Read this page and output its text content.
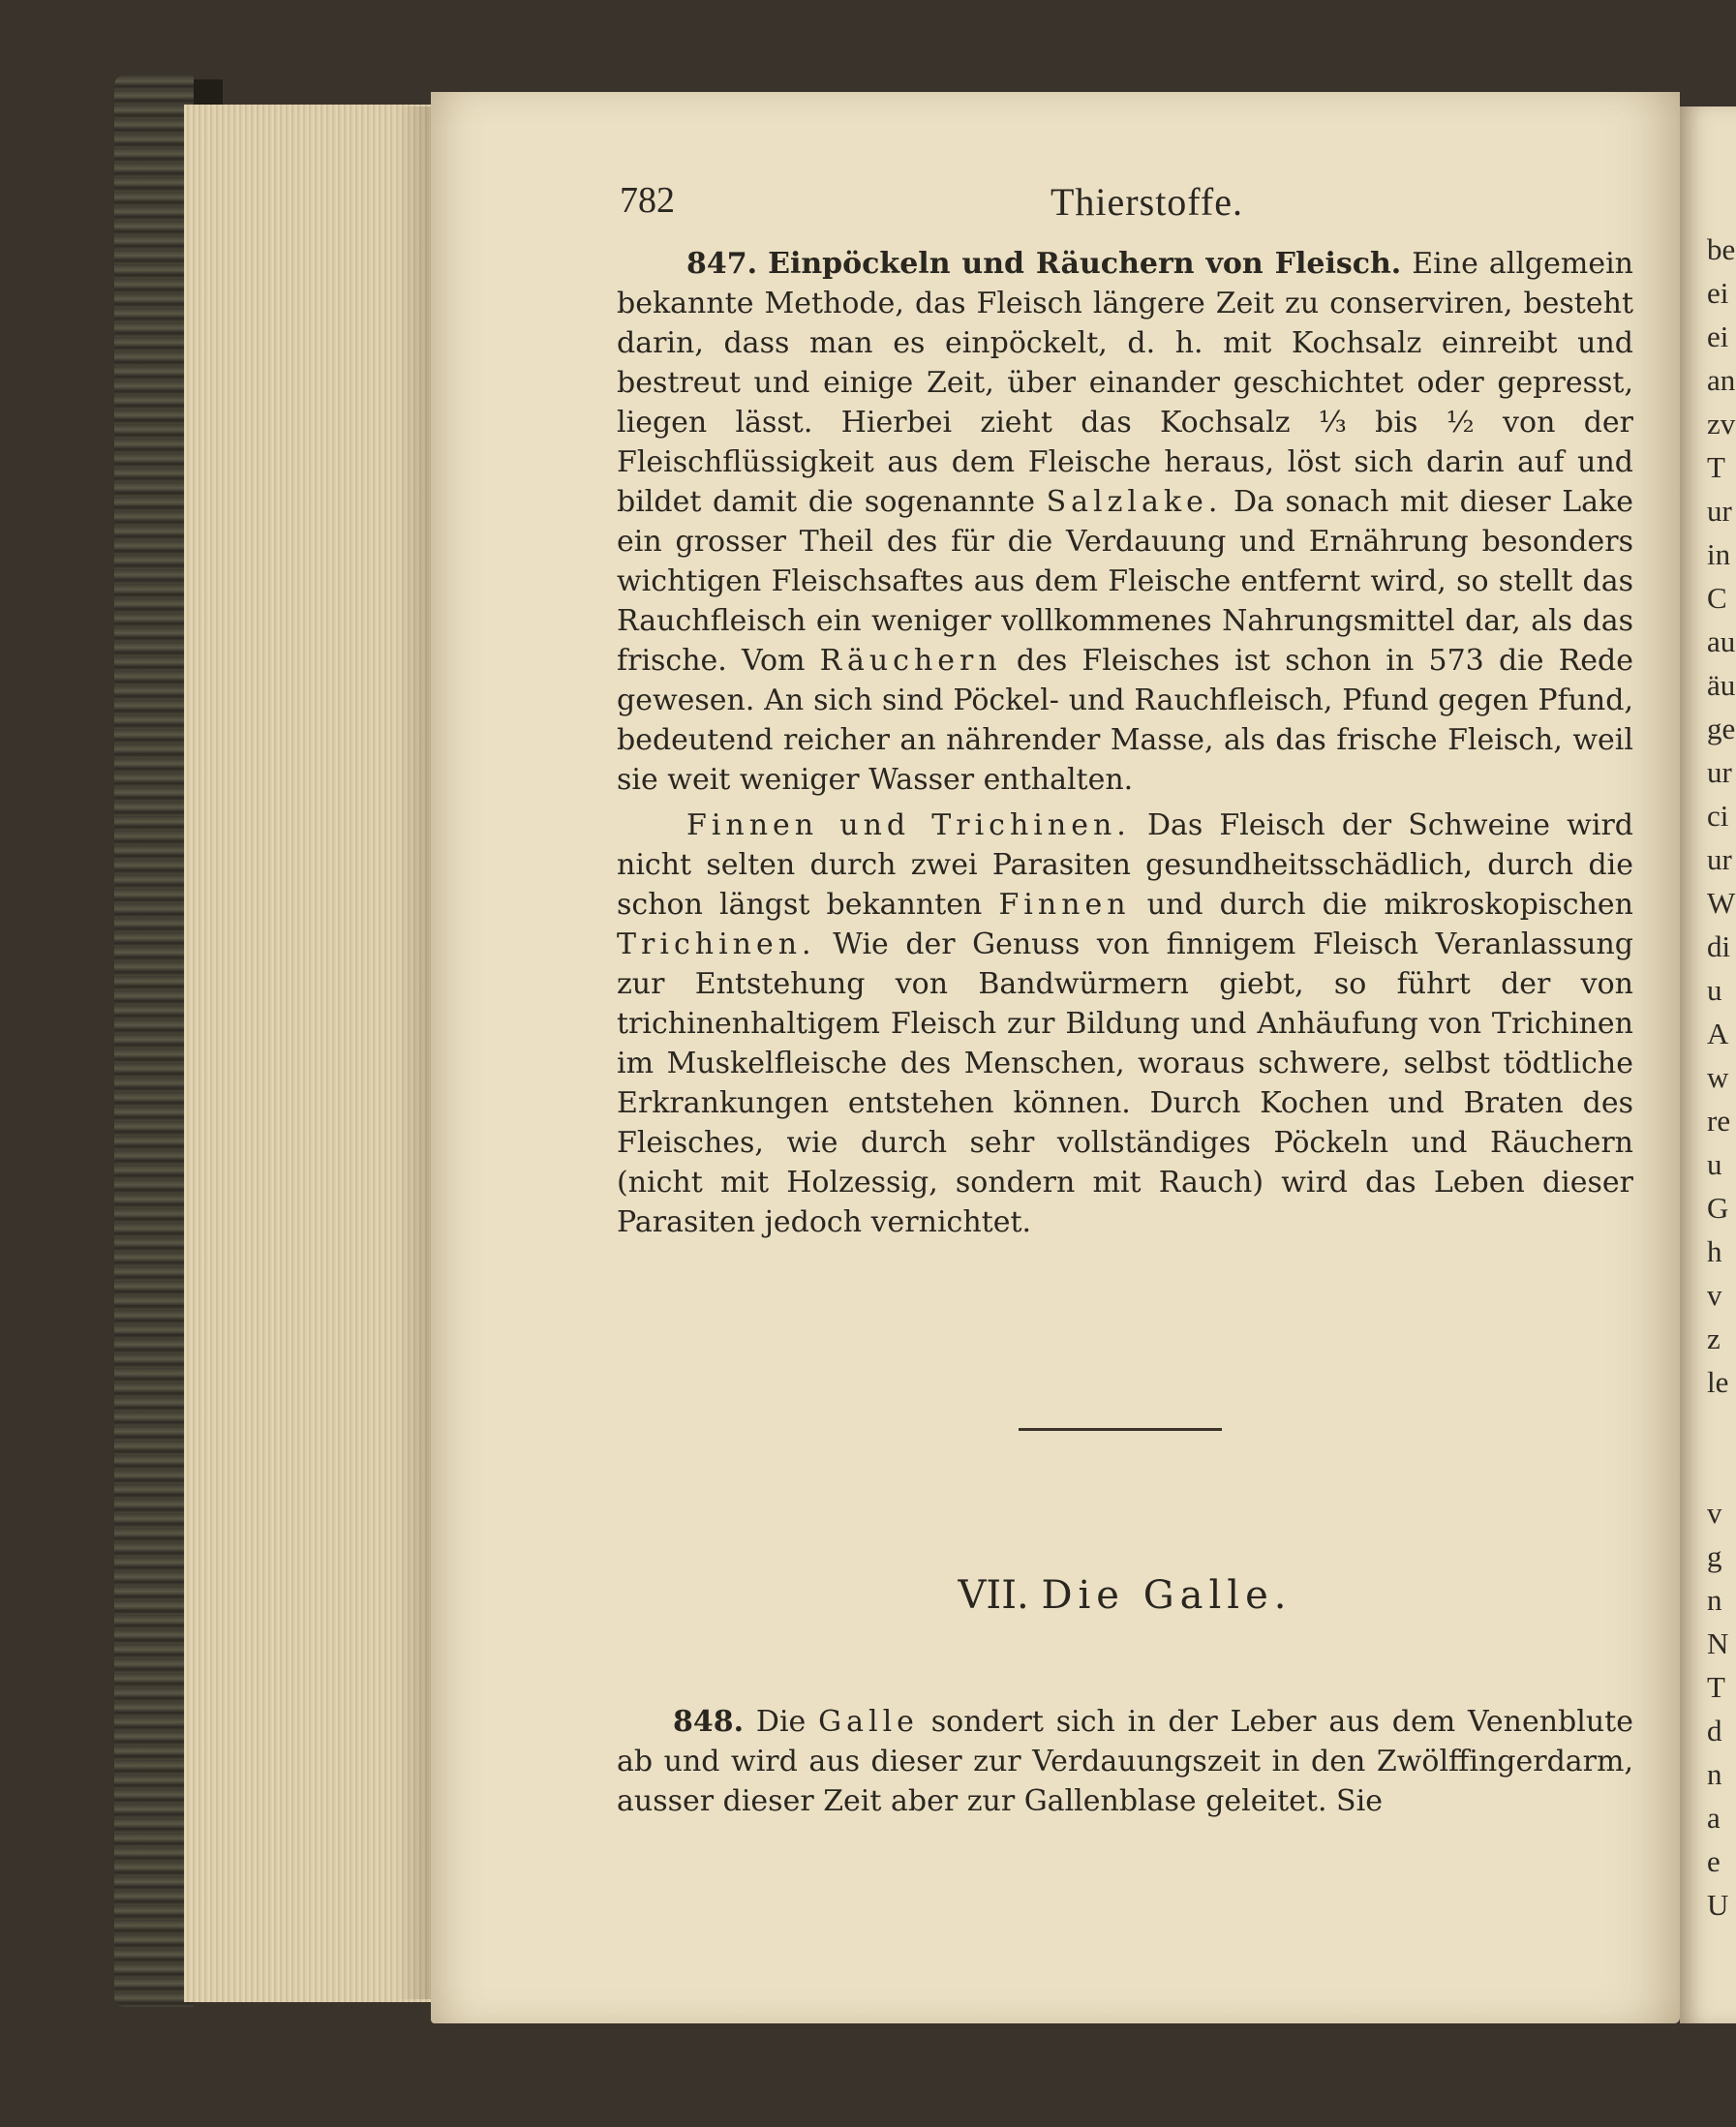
be
ei
ei
an
zv
T
ur
in
C
au
äu
ge
ur
ci
ur
W
di
u
A
w
re
u
G
h
v
z
le

v
g
n
N
T
d
n
a
e
U
782	Thierstoffe.

847. Einpöckeln und Räuchern von Fleisch. Eine allgemein bekannte Methode, das Fleisch längere Zeit zu conserviren, besteht darin, dass man es einpöckelt, d. h. mit Kochsalz einreibt und bestreut und einige Zeit, über einander geschichtet oder gepresst, liegen lässt. Hierbei zieht das Kochsalz ⅓ bis ½ von der Fleischflüssigkeit aus dem Fleische heraus, löst sich darin auf und bildet damit die sogenannte Salzlake. Da sonach mit dieser Lake ein grosser Theil des für die Verdauung und Ernährung besonders wichtigen Fleischsaftes aus dem Fleische entfernt wird, so stellt das Rauchfleisch ein weniger vollkommenes Nahrungsmittel dar, als das frische. Vom Räuchern des Fleisches ist schon in 573 die Rede gewesen. An sich sind Pöckel- und Rauchfleisch, Pfund gegen Pfund, bedeutend reicher an nährender Masse, als das frische Fleisch, weil sie weit weniger Wasser enthalten.

Finnen und Trichinen. Das Fleisch der Schweine wird nicht selten durch zwei Parasiten gesundheitsschädlich, durch die schon längst bekannten Finnen und durch die mikroskopischen Trichinen. Wie der Genuss von finnigem Fleisch Veranlassung zur Entstehung von Bandwürmern giebt, so führt der von trichinenhaltigem Fleisch zur Bildung und Anhäufung von Trichinen im Muskelfleische des Menschen, woraus schwere, selbst tödtliche Erkrankungen entstehen können. Durch Kochen und Braten des Fleisches, wie durch sehr vollständiges Pöckeln und Räuchern (nicht mit Holzessig, sondern mit Rauch) wird das Leben dieser Parasiten jedoch vernichtet.

VII. Die Galle.

848. Die Galle sondert sich in der Leber aus dem Venenblute ab und wird aus dieser zur Verdauungszeit in den Zwölffingerdarm, ausser dieser Zeit aber zur Gallenblase geleitet. Sie
